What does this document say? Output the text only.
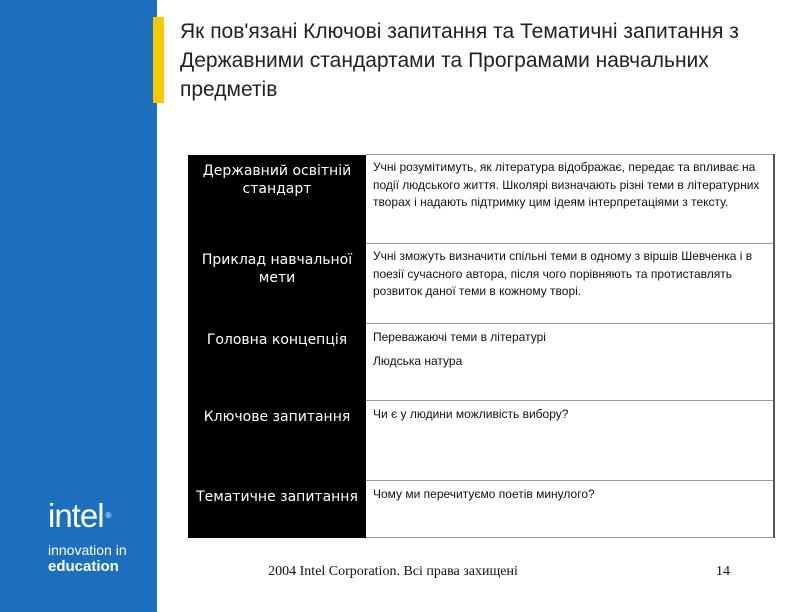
Як пов'язані Ключові запитання та Тематичні запитання з Державними стандартами та Програмами навчальних предметів
intel ®
innovation in
education
Державний освітній стандарт	Учні розумітимуть, як література відображає, передає та впливає на події людського життя. Школярі визначають різні теми в літературних творах і надають підтримку цим ідеям інтерпретаціями з тексту.

Приклад навчальної мети	Учні зможуть визначити спільні теми в одному з віршів Шевченка і в поезії сучасного автора, після чого порівняють та протиставлять розвиток даної теми в кожному творі.

Головна концепція	Переважаючі теми в літературі
Людська натура

Ключове запитання	Чи є у людини можливість вибору?

Тематичне запитання	Чому ми перечитуємо поетів минулого?
2004 Intel Corporation. Всі права захищені	14
